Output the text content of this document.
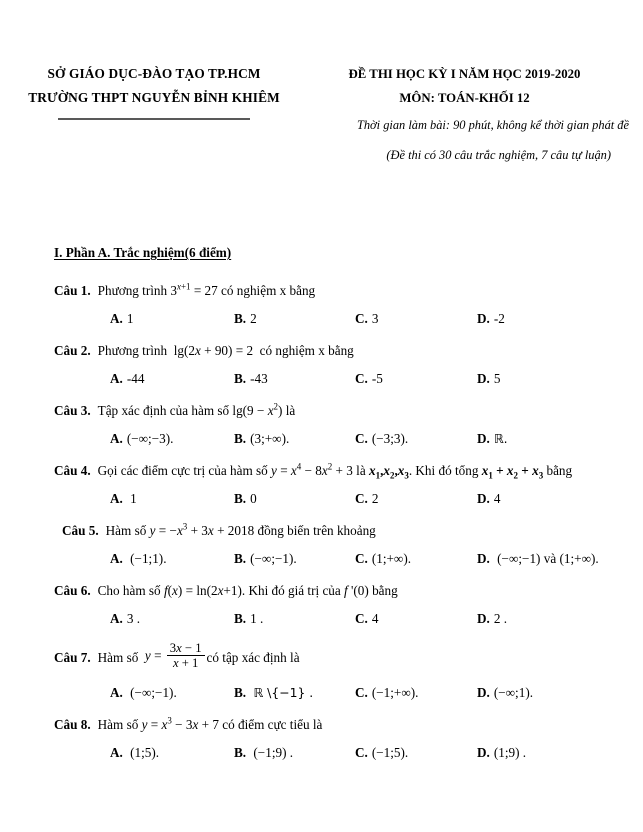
SỞ GIÁO DỤC-ĐÀO TẠO TP.HCM
TRƯỜNG THPT NGUYỄN BỈNH KHIÊM
ĐỀ THI HỌC KỲ I NĂM HỌC 2019-2020
MÔN: TOÁN-KHỐI 12
Thời gian làm bài: 90 phút, không kể thời gian phát đề
(Đề thi có 30 câu trắc nghiệm, 7 câu tự luận)
I. Phần A. Trắc nghiệm(6 điểm)
Câu 1. Phương trình $3^{x+1} = 27$ có nghiệm x bằng
A. 1	B. 2	C. 3	D. -2
Câu 2. Phương trình lg(2x + 90) = 2 có nghiệm x bằng
A. -44	B. -43	C. -5	D. 5
Câu 3. Tập xác định của hàm số $\lg(9 - x^2)$ là
A. (−∞;−3).	B. (3;+∞).	C. (−3;3).	D. ℝ.
Câu 4. Gọi các điểm cực trị của hàm số $y = x^4 - 8x^2 + 3$ là $x_1,x_2,x_3$ . Khi đó tổng $x_1 + x_2 + x_3$ bằng
A. 1	B. 0	C. 2	D. 4
Câu 5. Hàm số $y = -x^3 + 3x + 2018$ đồng biến trên khoảng
A. (−1;1).	B. (−∞;−1).	C. (1;+∞).	D. (−∞;−1) và (1;+∞).
Câu 6. Cho hàm số f(x) = ln(2x+1) . Khi đó giá trị của f '(0) bằng
A. 3 .	B. 1 .	C. 4	D. 2 .
Câu 7. Hàm số $y = \frac{3x - 1}{x + 1}$ có tập xác định là
A. (−∞;−1).	B. ℝ \{−1} .	C. (−1;+∞).	D. (−∞;1).
Câu 8. Hàm số $y = x^3 - 3x + 7$ có điểm cực tiểu là
A. (1;5).	B. (−1;9) .	C. (−1;5).	D. (1;9) .
